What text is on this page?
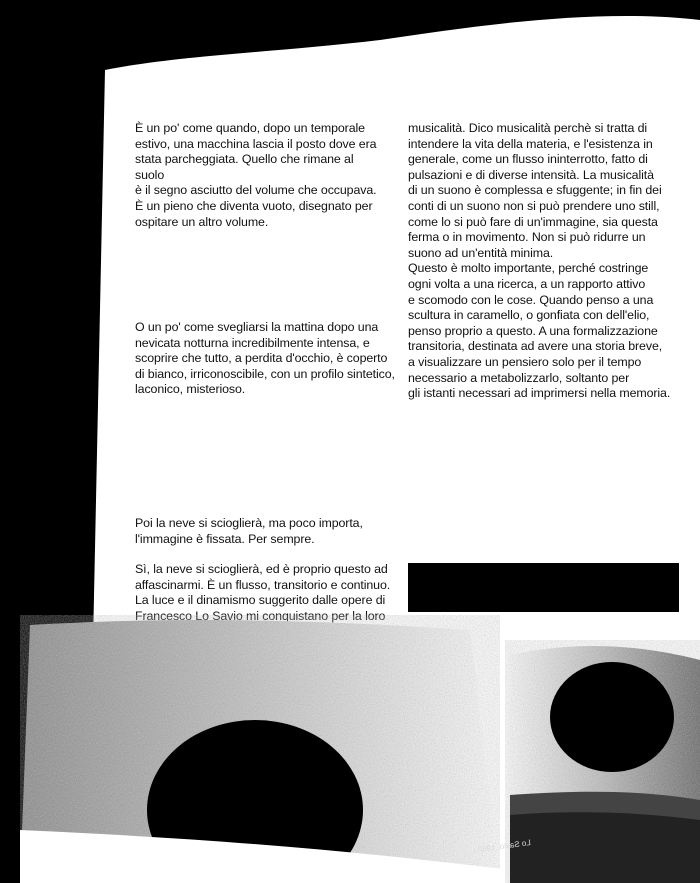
È un po' come quando, dopo un temporale
estivo, una macchina lascia il posto dove era
stata parcheggiata. Quello che rimane al suolo
è il segno asciutto del volume che occupava.
È un pieno che diventa vuoto, disegnato per
ospitare un altro volume.
O un po' come svegliarsi la mattina dopo una
nevicata notturna incredibilmente intensa, e
scoprire che tutto, a perdita d'occhio, è coperto
di bianco, irriconoscibile, con un profilo sintetico,
laconico, misterioso.
Poi la neve si scioglierà, ma poco importa,
l'immagine è fissata. Per sempre.
Sì, la neve si scioglierà, ed è proprio questo ad
affascinarmi. È un flusso, transitorio e continuo.
La luce e il dinamismo suggerito dalle opere di

musicalità. Dico musicalità perchè si tratta di
intendere la vita della materia, e l'esistenza in
generale, come un flusso ininterrotto, fatto di
pulsazioni e di diverse intensità. La musicalità
di un suono è complessa e sfuggente; in fin dei
conti di un suono non si può prendere uno still,
come lo si può fare di un'immagine, sia questa
ferma o in movimento. Non si può ridurre un
suono ad un'entità minima.
Questo è molto importante, perché costringe
ogni volta a una ricerca, a un rapporto attivo
e scomodo con le cose. Quando penso a una
scultura in caramello, o gonfiata con dell'elio,
penso proprio a questo. A una formalizzazione
transitoria, destinata ad avere una storia breve,
a visualizzare un pensiero solo per il tempo
necessario a metabolizzarlo, soltanto per
gli istanti necessari ad imprimersi nella memoria.
Lo Savio, 1960
